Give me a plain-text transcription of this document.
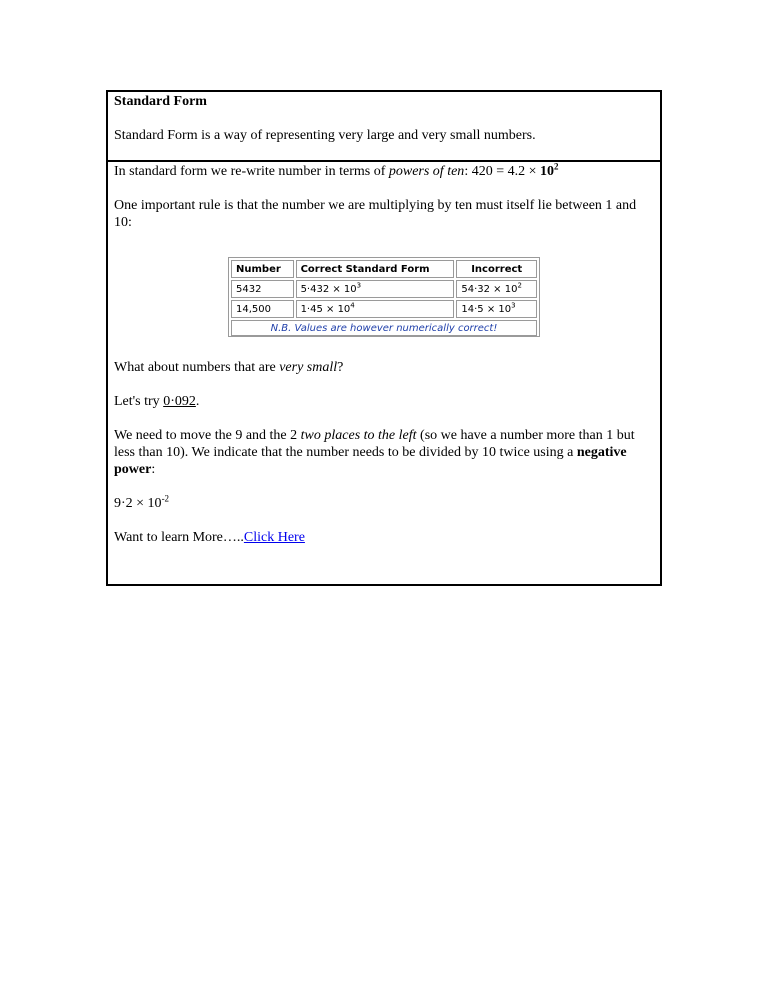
Standard Form

Standard Form is a way of representing very large and very small numbers.

In standard form we re-write number in terms of powers of ten: $420 = 4.2 \times 10^2$

One important rule is that the number we are multiplying by ten must itself lie between 1 and 10:

What about numbers that are very small?

Let's try 0·092.

We need to move the 9 and the 2 two places to the left (so we have a number more than 1 but less than 10). We indicate that the number needs to be divided by 10 twice using a negative power:

$9\cdot 2 \times 10^{-2}$

Want to learn More…..Click Here

Number	Correct Standard Form	Incorrect
5432	$5\cdot 432 \times 10^3$	$54\cdot 32 \times 10^2$
14,500	$1\cdot 45 \times 10^4$	$14\cdot 5 \times 10^3$
N.B. Values are however numerically correct!		
